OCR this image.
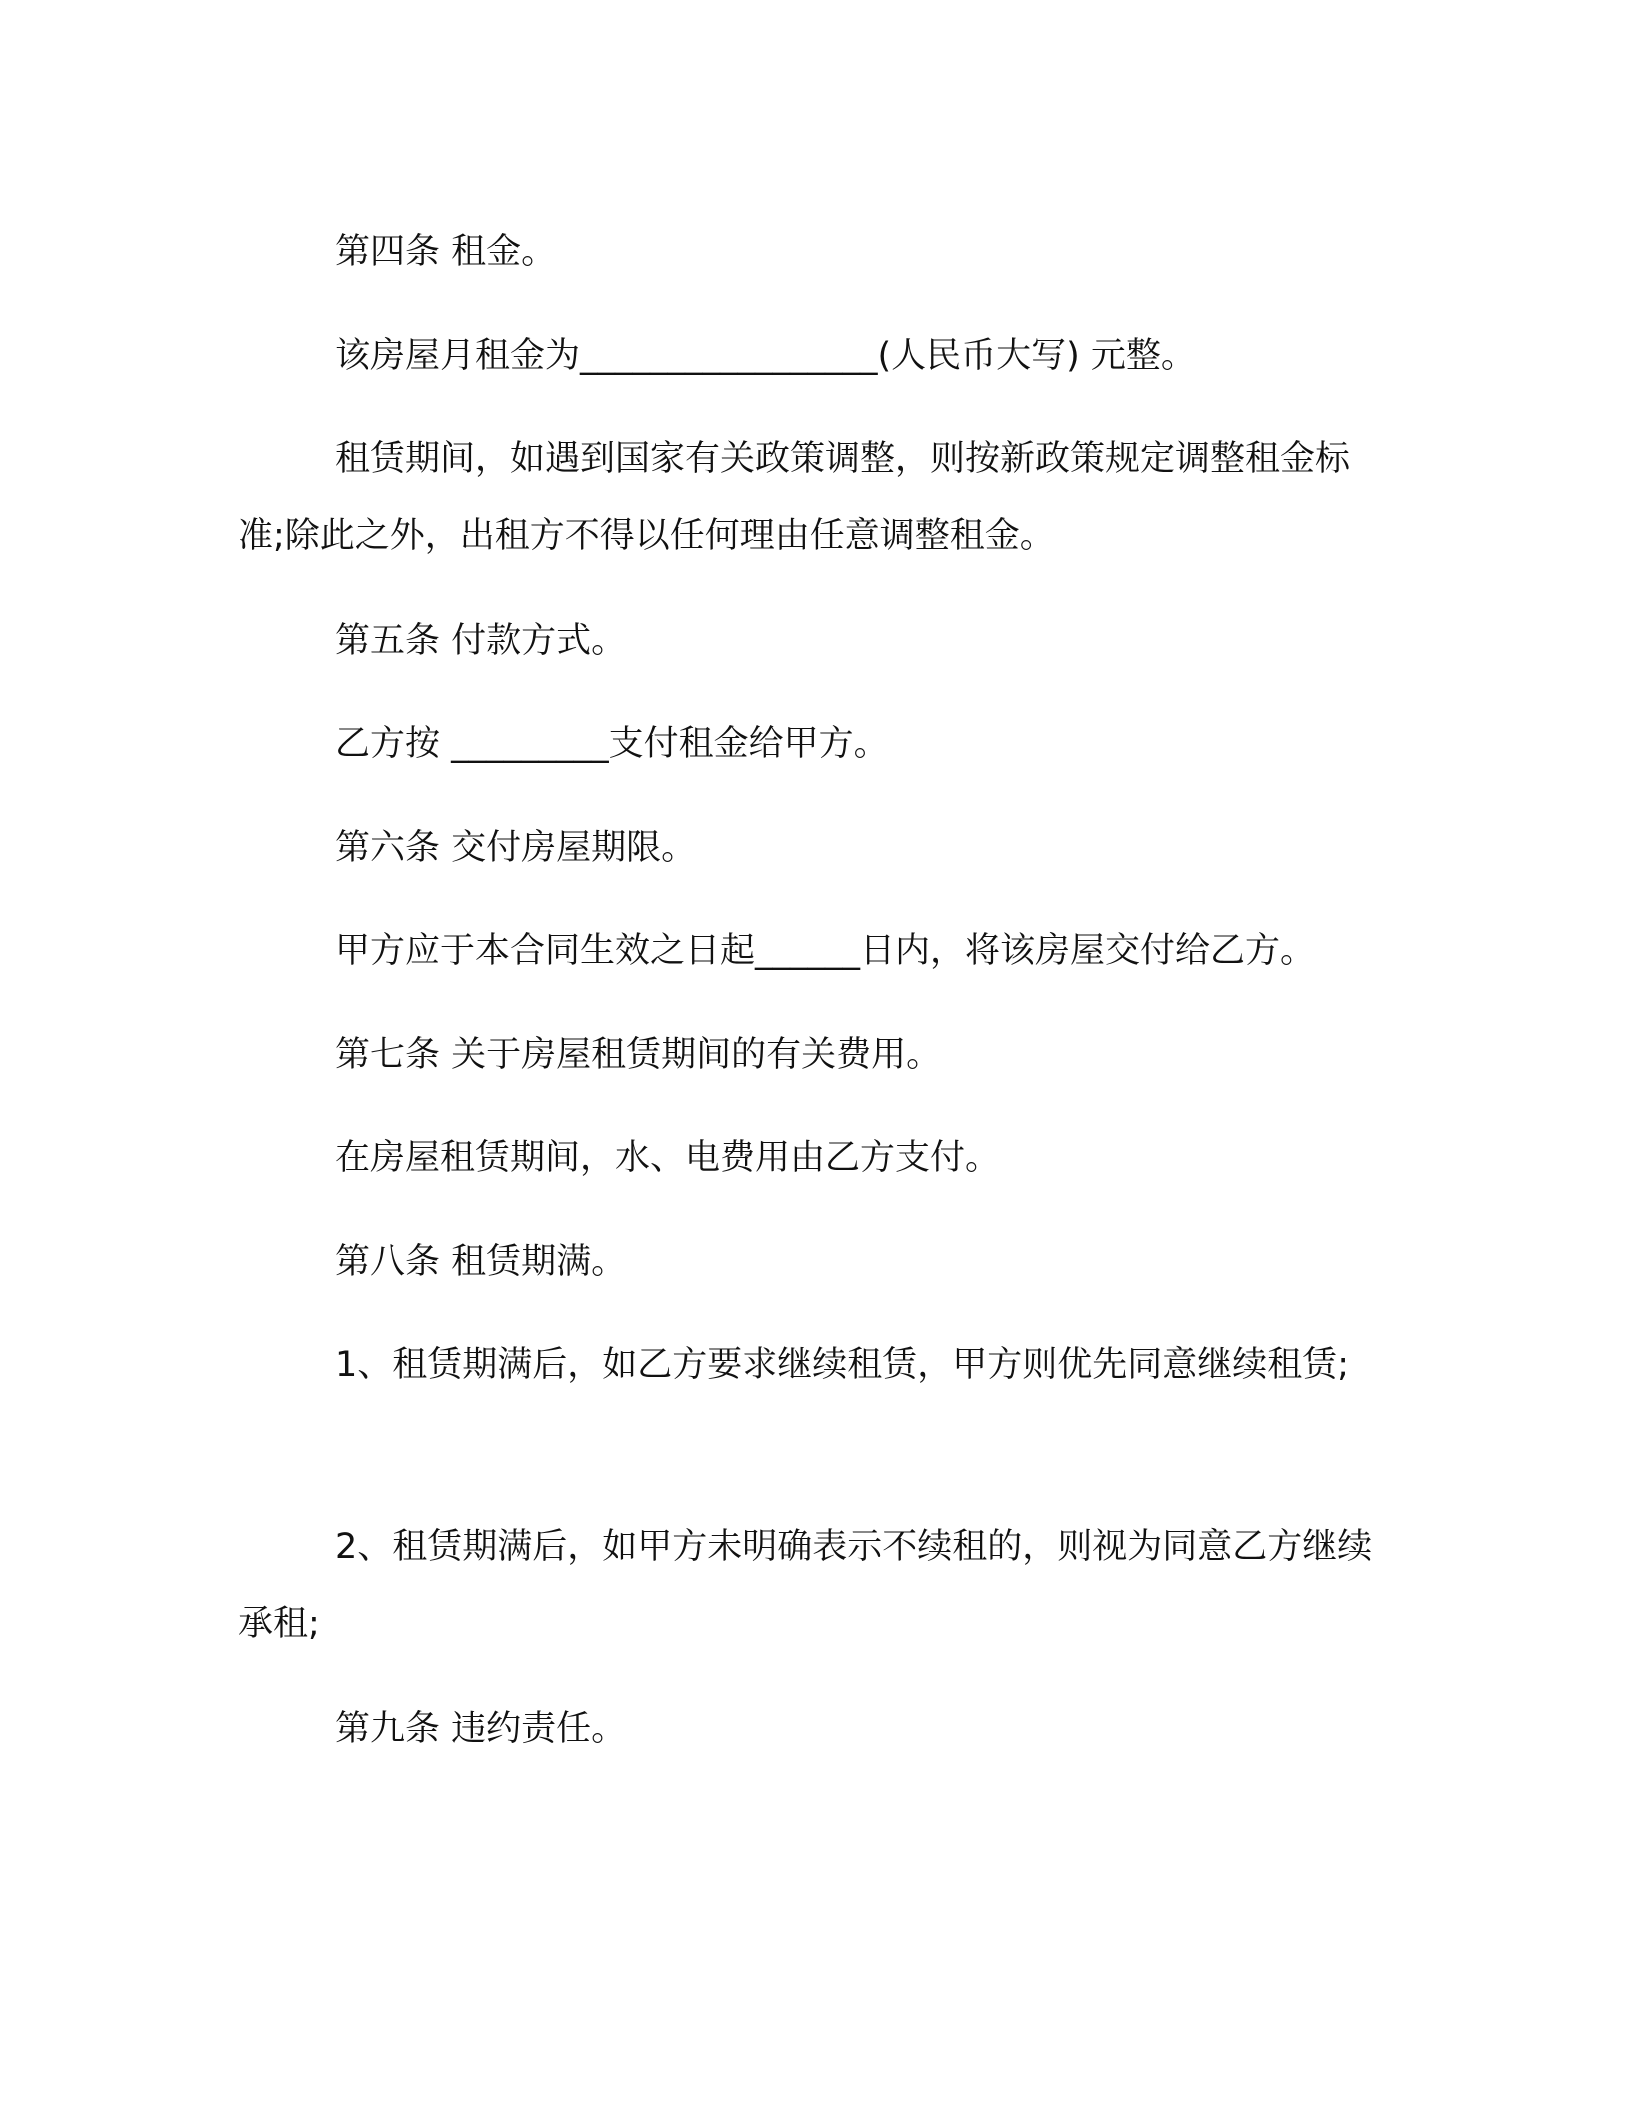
第四条 租金。

该房屋月租金为_________________(人民币大写) 元整。

租赁期间，如遇到国家有关政策调整，则按新政策规定调整租金标准;除此之外，出租方不得以任何理由任意调整租金。

第五条 付款方式。

乙方按 _________支付租金给甲方。

第六条 交付房屋期限。

甲方应于本合同生效之日起______日内，将该房屋交付给乙方。

第七条 关于房屋租赁期间的有关费用。

在房屋租赁期间，水、电费用由乙方支付。

第八条 租赁期满。

1、租赁期满后，如乙方要求继续租赁，甲方则优先同意继续租赁;

2、租赁期满后，如甲方未明确表示不续租的，则视为同意乙方继续承租;

第九条 违约责任。
